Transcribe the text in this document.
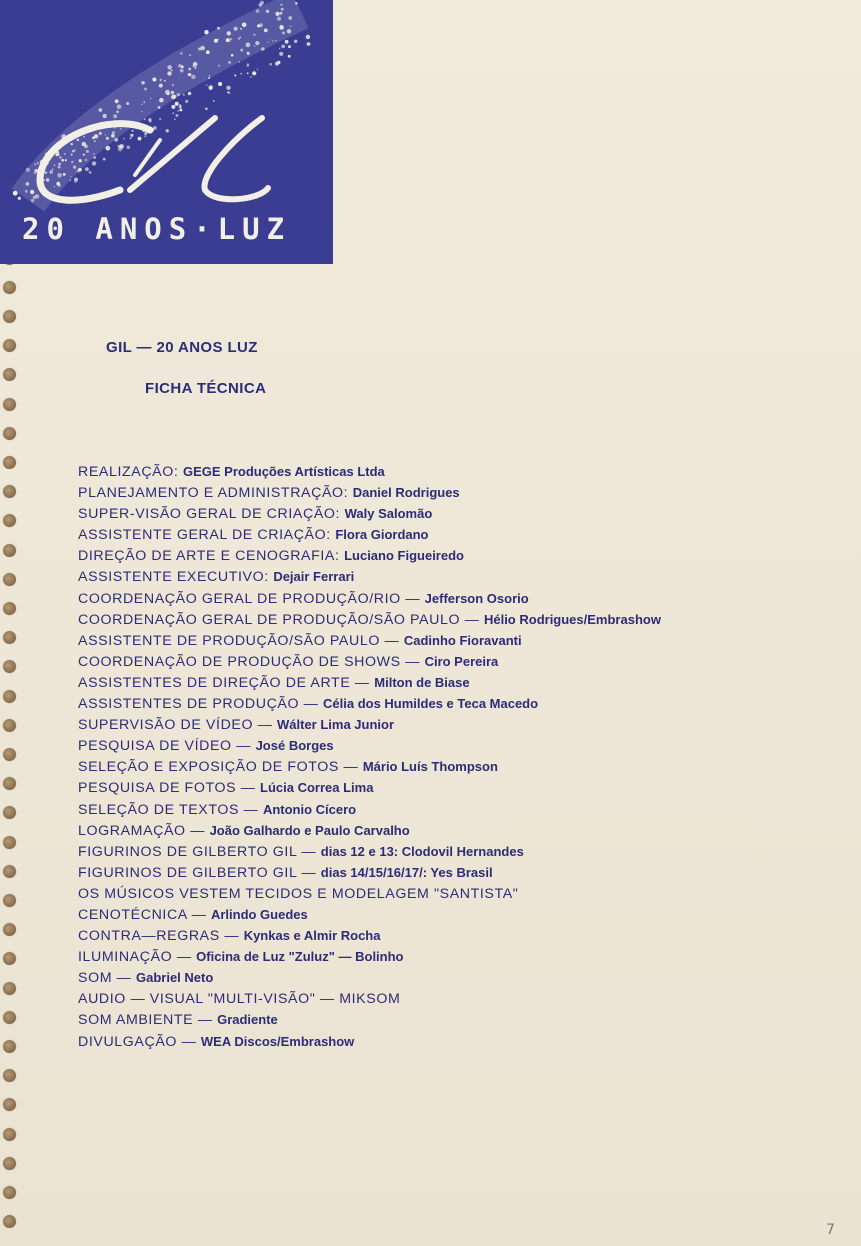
20 ANOS·LUZ
GIL — 20 ANOS LUZ
FICHA TÉCNICA
REALIZAÇÃO: GEGE Produções Artísticas Ltda
PLANEJAMENTO E ADMINISTRAÇÃO: Daniel Rodrigues
SUPER-VISÃO GERAL DE CRIAÇÃO: Waly Salomão
ASSISTENTE GERAL DE CRIAÇÃO: Flora Giordano
DIREÇÃO DE ARTE E CENOGRAFIA: Luciano Figueiredo
ASSISTENTE EXECUTIVO: Dejair Ferrari
COORDENAÇÃO GERAL DE PRODUÇÃO/RIO — Jefferson Osorio
COORDENAÇÃO GERAL DE PRODUÇÃO/SÃO PAULO — Hélio Rodrigues/Embrashow
ASSISTENTE DE PRODUÇÃO/SÃO PAULO — Cadinho Fioravanti
COORDENAÇÃO DE PRODUÇÃO DE SHOWS — Ciro Pereira
ASSISTENTES DE DIREÇÃO DE ARTE — Milton de Biase
ASSISTENTES DE PRODUÇÃO — Célia dos Humildes e Teca Macedo
SUPERVISÃO DE VÍDEO — Wálter Lima Junior
PESQUISA DE VÍDEO — José Borges
SELEÇÃO E EXPOSIÇÃO DE FOTOS — Mário Luís Thompson
PESQUISA DE FOTOS — Lúcia Correa Lima
SELEÇÃO DE TEXTOS — Antonio Cícero
LOGRAMAÇÃO — João Galhardo e Paulo Carvalho
FIGURINOS DE GILBERTO GIL — dias 12 e 13: Clodovil Hernandes
FIGURINOS DE GILBERTO GIL — dias 14/15/16/17/: Yes Brasil
OS MÚSICOS VESTEM TECIDOS E MODELAGEM "SANTISTA"
CENOTÉCNICA — Arlindo Guedes
CONTRA—REGRAS — Kynkas e Almir Rocha
ILUMINAÇÃO — Oficina de Luz "Zuluz" — Bolinho
SOM — Gabriel Neto
AUDIO — VISUAL "MULTI-VISÃO" — MIKSOM
SOM AMBIENTE — Gradiente
DIVULGAÇÃO — WEA Discos/Embrashow
7
